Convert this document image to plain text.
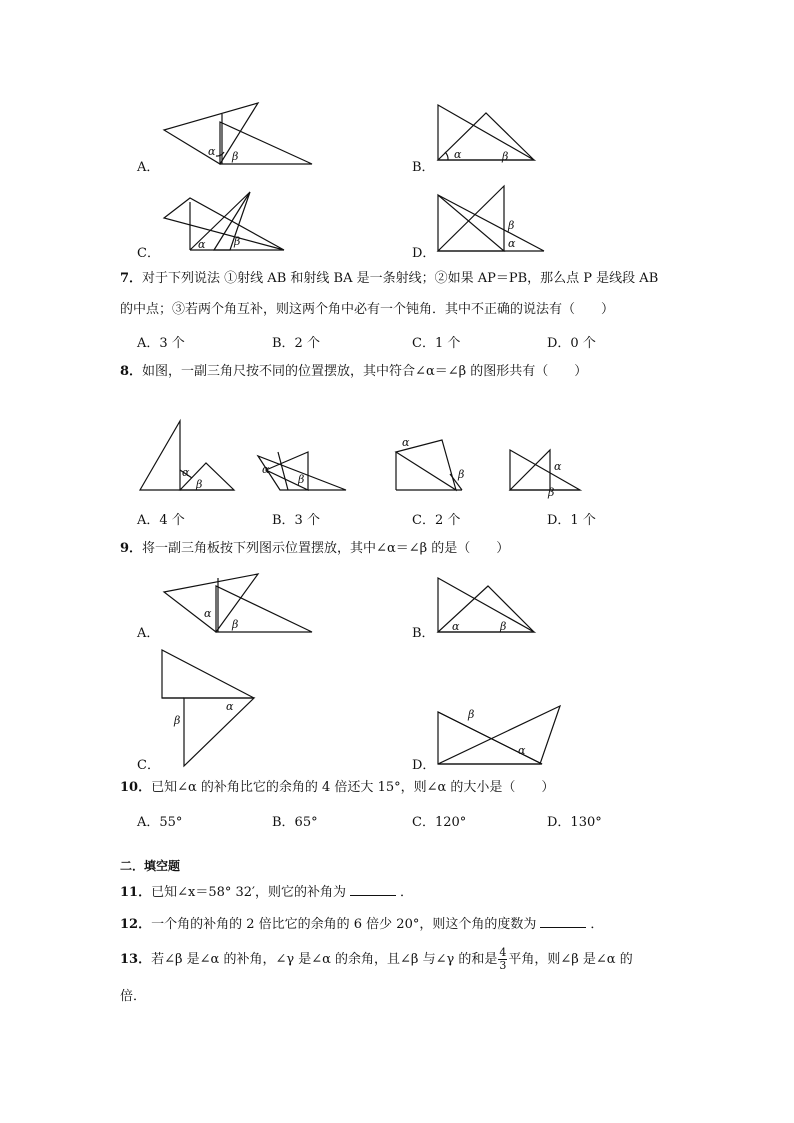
A．
α β
B．
α	β
C．
α	β
D．
β
α
7．对于下列说法 ①射线 AB 和射线 BA 是一条射线；②如果 AP＝PB，那么点 P 是线段 AB
的中点；③若两个角互补，则这两个角中必有一个钝角．其中不正确的说法有（　　）
A．3 个	B．2 个	C．1 个	D．0 个
8．如图，一副三角尺按不同的位置摆放，其中符合∠α＝∠β 的图形共有（　　）
α
β
α
β
α
β
α
β
A．4 个	B．3 个	C．2 个	D．1 个
9．将一副三角板按下列图示位置摆放，其中∠α＝∠β 的是（　　）
A．
α
β
B． α	β
C．
α
β
D．
β
α
10．已知∠α 的补角比它的余角的 4 倍还大 15°，则∠α 的大小是（　　）
A．55°	B．65°	C．120°	D．130°
二．填空题
11．已知∠x＝58° 32′，则它的补角为	．
12．一个角的补角的 2 倍比它的余角的 6 倍少 20°，则这个角的度数为	．
13．若∠β 是∠α 的补角，∠γ 是∠α 的余角，且∠β 与∠γ 的和是 $\frac{4}{3}$ 平角，则∠β 是∠α 的
倍．
